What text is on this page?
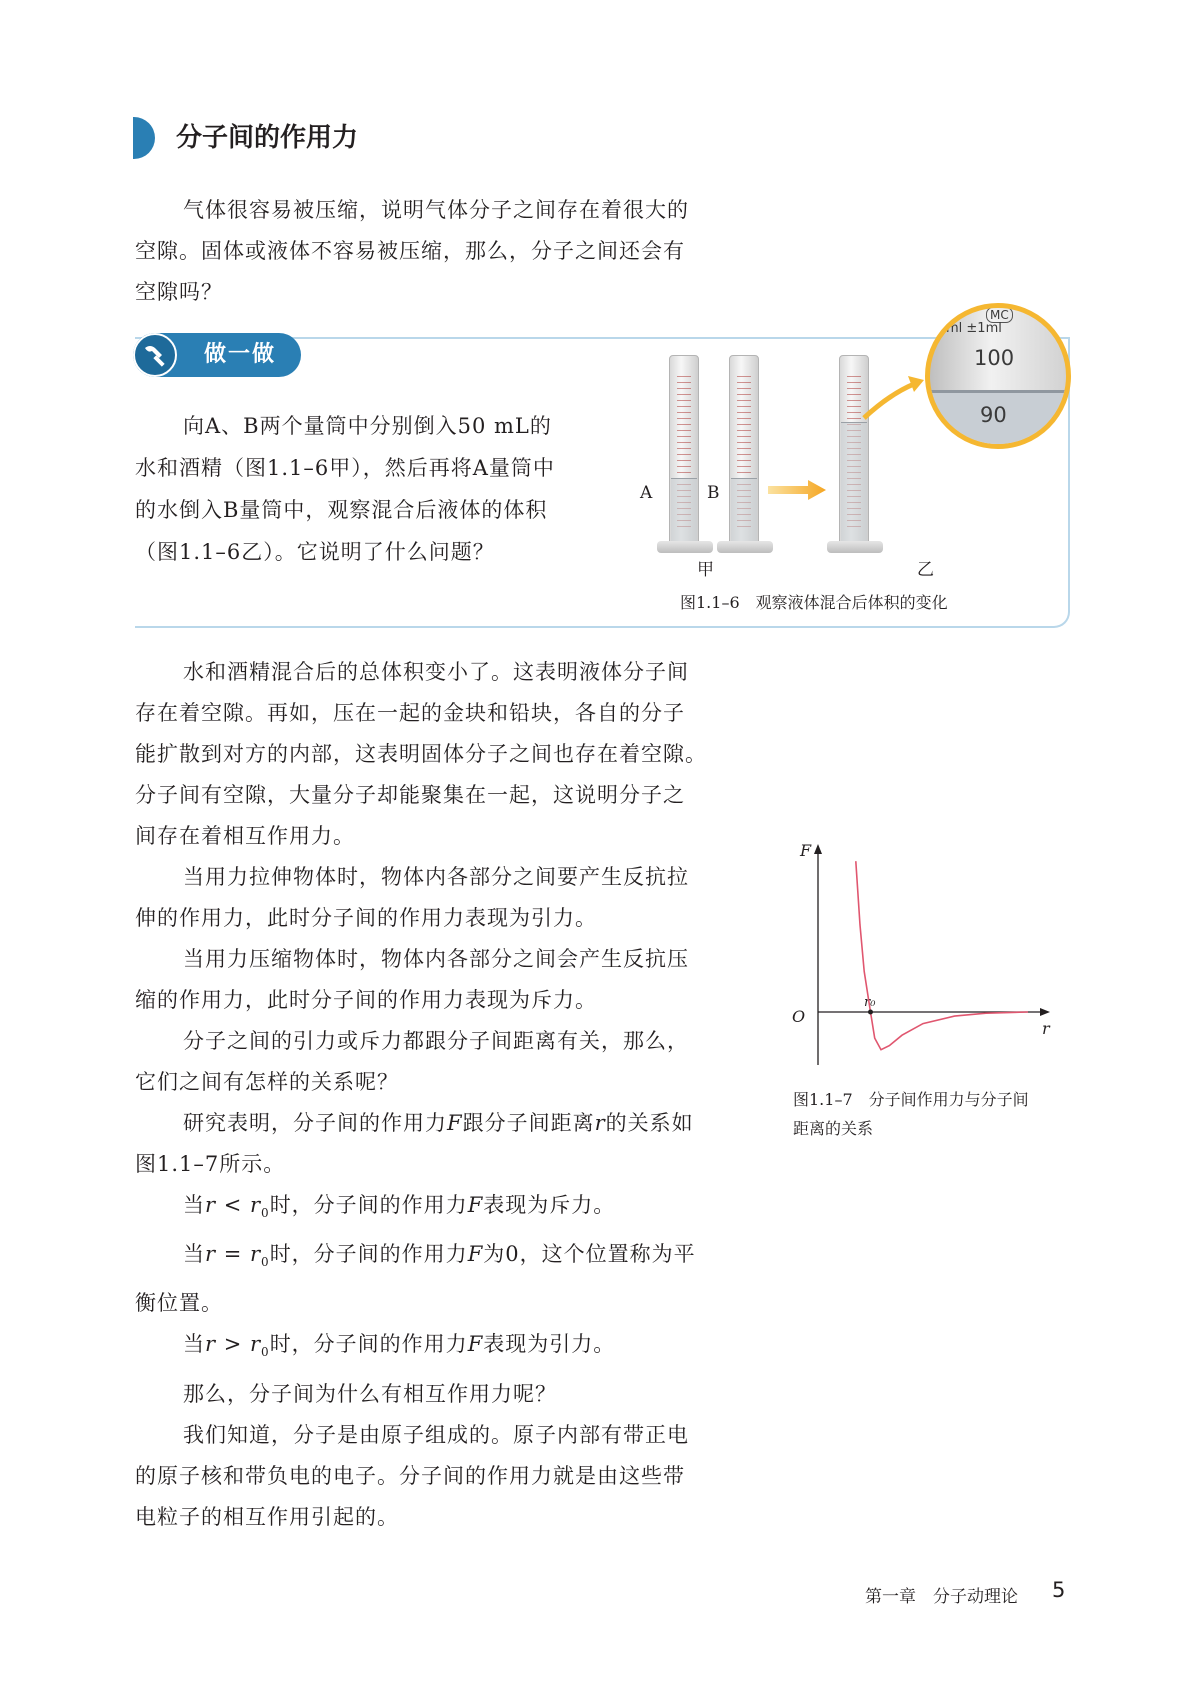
分子间的作用力
气体很容易被压缩，说明气体分子之间存在着很大的
空隙。固体或液体不容易被压缩，那么，分子之间还会有
空隙吗？
做一做
向A、B两个量筒中分别倒入50 mL的
水和酒精（图1.1–6甲），然后再将A量筒中
的水倒入B量筒中，观察混合后液体的体积
（图1.1–6乙）。它说明了什么问题？
A	B
MC
ml ±1ml
100
90
甲	乙
图1.1–6　观察液体混合后体积的变化
水和酒精混合后的总体积变小了。这表明液体分子间
存在着空隙。再如，压在一起的金块和铅块，各自的分子
能扩散到对方的内部，这表明固体分子之间也存在着空隙。
分子间有空隙，大量分子却能聚集在一起，这说明分子之
间存在着相互作用力。
当用力拉伸物体时，物体内各部分之间要产生反抗拉
伸的作用力，此时分子间的作用力表现为引力。
当用力压缩物体时，物体内各部分之间会产生反抗压
缩的作用力，此时分子间的作用力表现为斥力。
分子之间的引力或斥力都跟分子间距离有关，那么，
它们之间有怎样的关系呢？
研究表明，分子间的作用力F跟分子间距离r的关系如
图1.1–7所示。
当$r < r_0$时，分子间的作用力F表现为斥力。
当$r = r_0$时，分子间的作用力F为0，这个位置称为平
衡位置。
当$r > r_0$时，分子间的作用力F表现为引力。
那么，分子间为什么有相互作用力呢？
我们知道，分子是由原子组成的。原子内部有带正电
的原子核和带负电的电子。分子间的作用力就是由这些带
电粒子的相互作用引起的。
F
r
O
r₀
图1.1–7　分子间作用力与分子间
距离的关系
第一章　分子动理论 5
